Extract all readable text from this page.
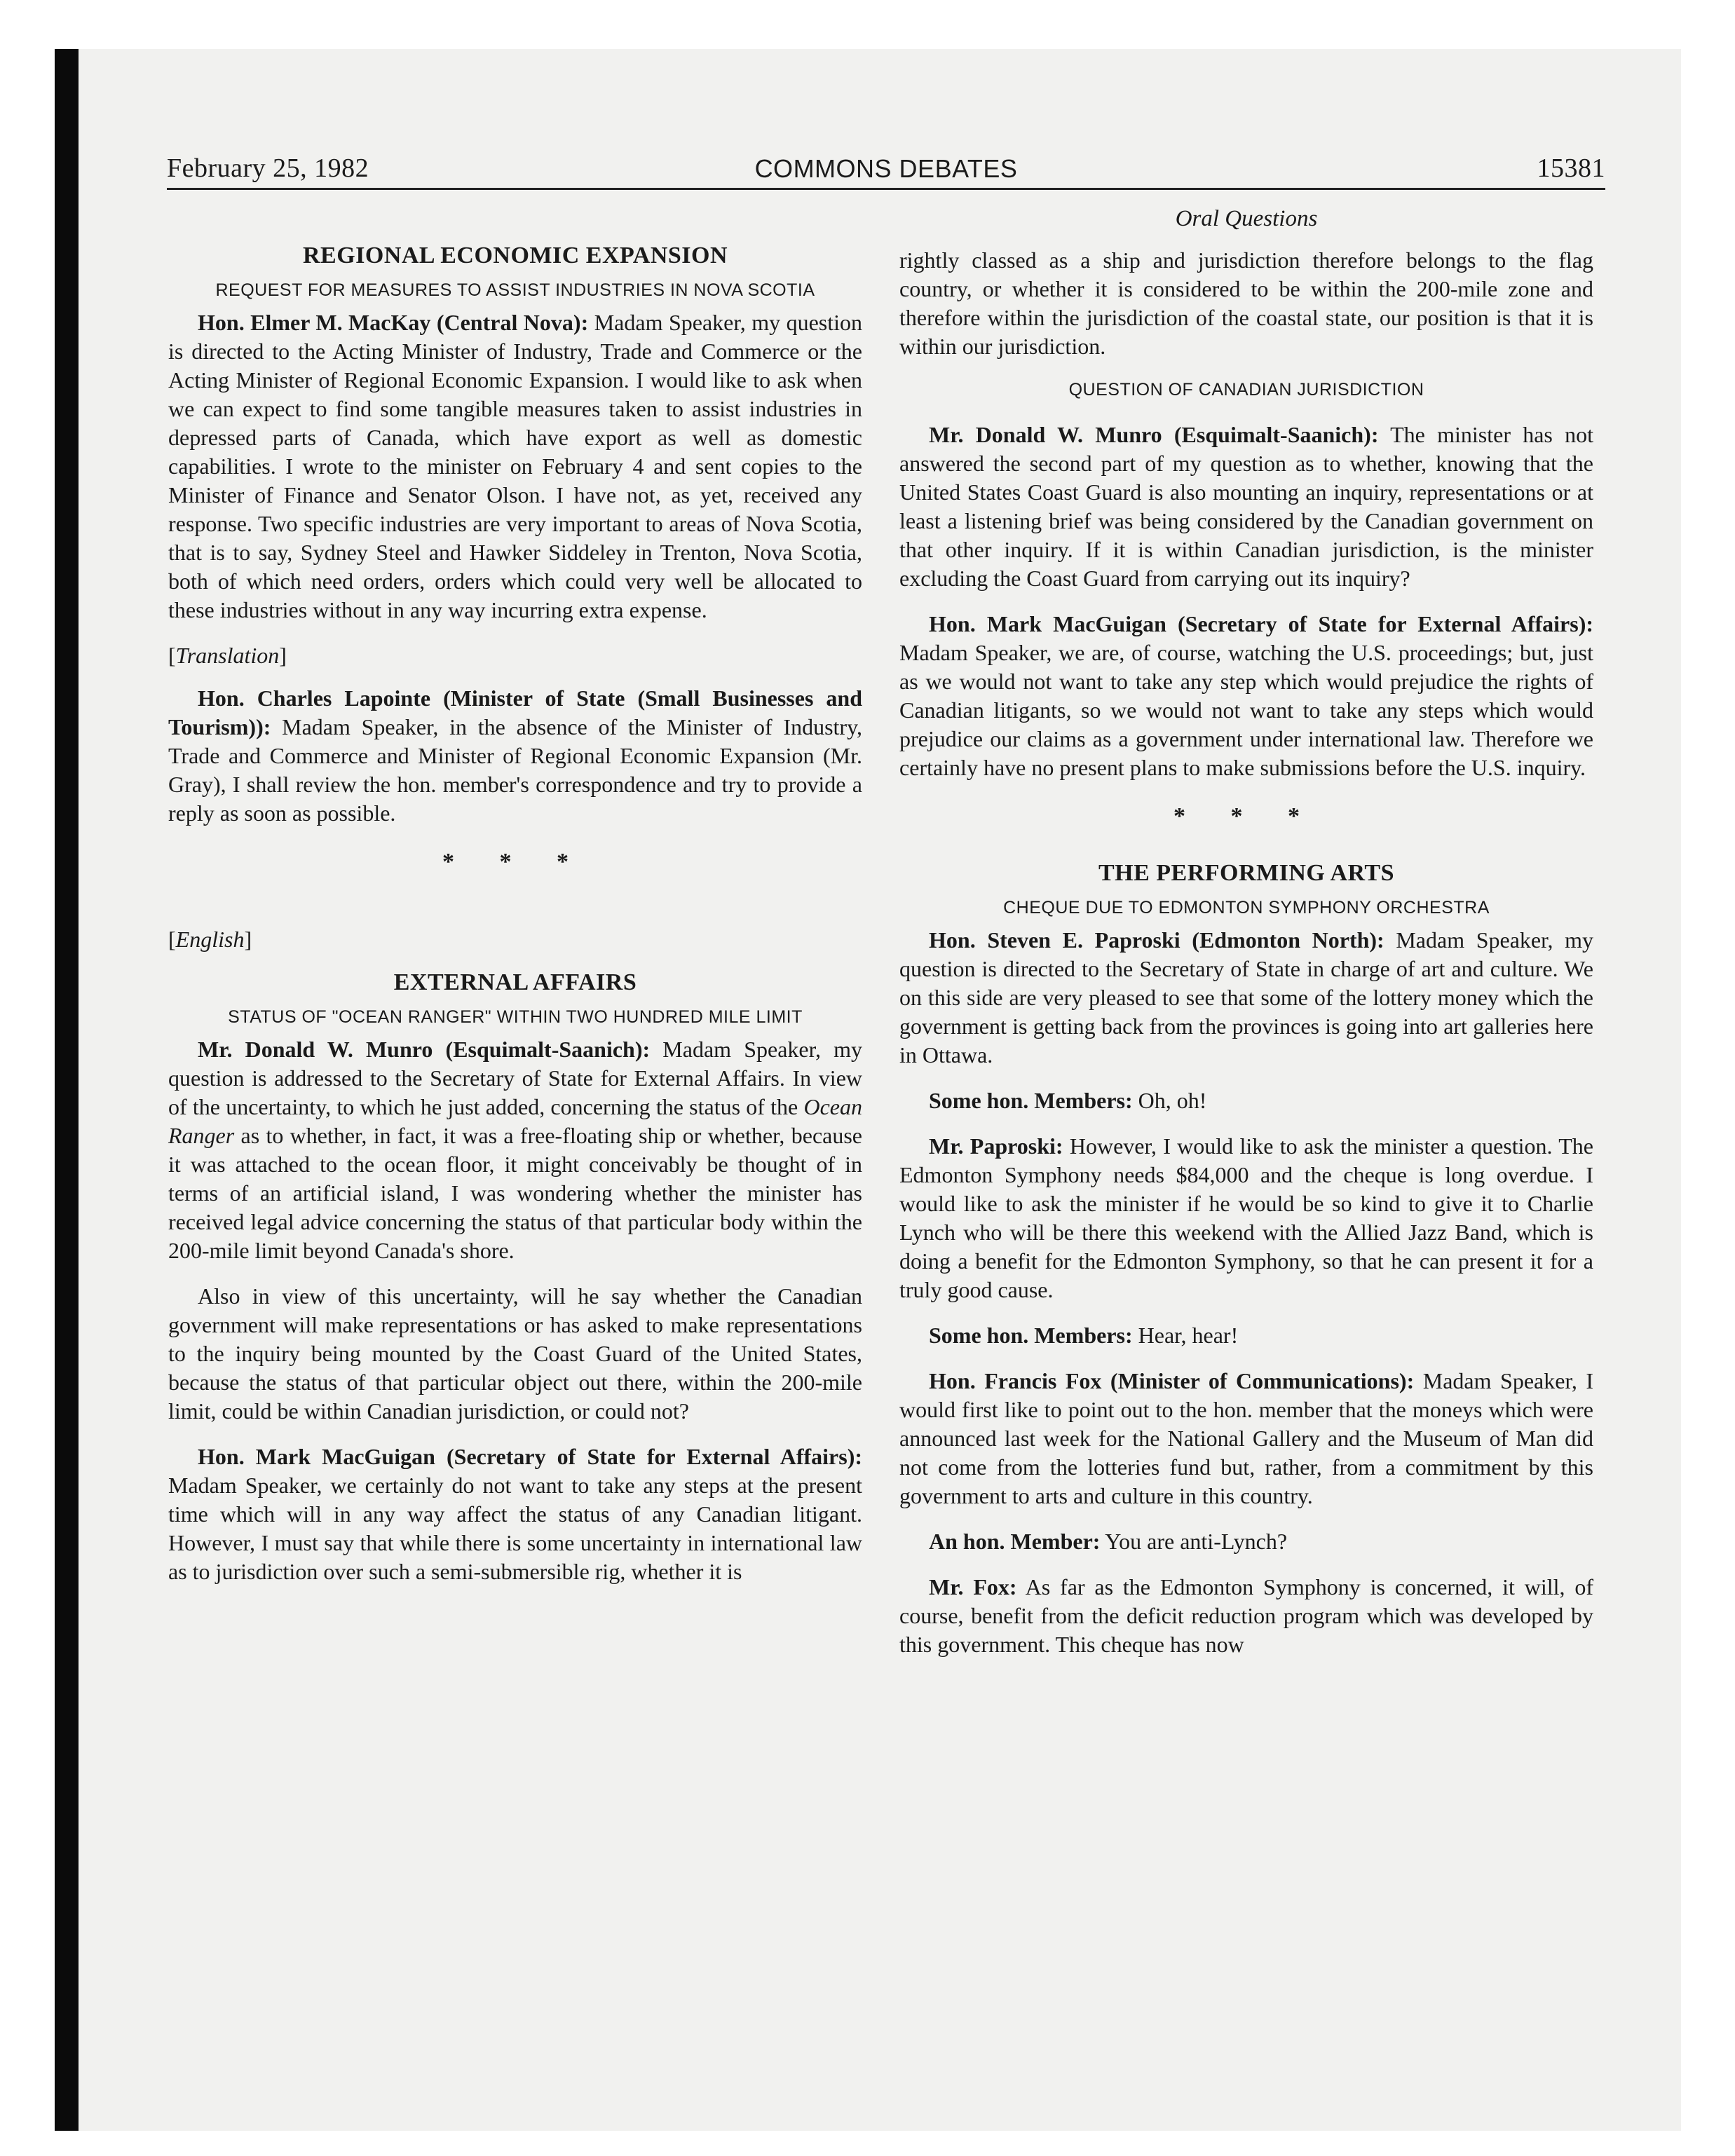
February 25, 1982	COMMONS DEBATES	15381
REGIONAL ECONOMIC EXPANSION
REQUEST FOR MEASURES TO ASSIST INDUSTRIES IN NOVA SCOTIA

Hon. Elmer M. MacKay (Central Nova): Madam Speaker, my question is directed to the Acting Minister of Industry, Trade and Commerce or the Acting Minister of Regional Economic Expansion. I would like to ask when we can expect to find some tangible measures taken to assist industries in depressed parts of Canada, which have export as well as domestic capabilities. I wrote to the minister on February 4 and sent copies to the Minister of Finance and Senator Olson. I have not, as yet, received any response. Two specific industries are very important to areas of Nova Scotia, that is to say, Sydney Steel and Hawker Siddeley in Trenton, Nova Scotia, both of which need orders, orders which could very well be allocated to these industries without in any way incurring extra expense.

[Translation]

Hon. Charles Lapointe (Minister of State (Small Businesses and Tourism)): Madam Speaker, in the absence of the Minister of Industry, Trade and Commerce and Minister of Regional Economic Expansion (Mr. Gray), I shall review the hon. member's correspondence and try to provide a reply as soon as possible.

* * *
[English]
EXTERNAL AFFAIRS
STATUS OF "OCEAN RANGER" WITHIN TWO HUNDRED MILE LIMIT

Mr. Donald W. Munro (Esquimalt-Saanich): Madam Speaker, my question is addressed to the Secretary of State for External Affairs. In view of the uncertainty, to which he just added, concerning the status of the Ocean Ranger as to whether, in fact, it was a free-floating ship or whether, because it was attached to the ocean floor, it might conceivably be thought of in terms of an artificial island, I was wondering whether the minister has received legal advice concerning the status of that particular body within the 200-mile limit beyond Canada's shore.

Also in view of this uncertainty, will he say whether the Canadian government will make representations or has asked to make representations to the inquiry being mounted by the Coast Guard of the United States, because the status of that particular object out there, within the 200-mile limit, could be within Canadian jurisdiction, or could not?

Hon. Mark MacGuigan (Secretary of State for External Affairs): Madam Speaker, we certainly do not want to take any steps at the present time which will in any way affect the status of any Canadian litigant. However, I must say that while there is some uncertainty in international law as to jurisdiction over such a semi-submersible rig, whether it is

Oral Questions

rightly classed as a ship and jurisdiction therefore belongs to the flag country, or whether it is considered to be within the 200-mile zone and therefore within the jurisdiction of the coastal state, our position is that it is within our jurisdiction.

QUESTION OF CANADIAN JURISDICTION

Mr. Donald W. Munro (Esquimalt-Saanich): The minister has not answered the second part of my question as to whether, knowing that the United States Coast Guard is also mounting an inquiry, representations or at least a listening brief was being considered by the Canadian government on that other inquiry. If it is within Canadian jurisdiction, is the minister excluding the Coast Guard from carrying out its inquiry?

Hon. Mark MacGuigan (Secretary of State for External Affairs): Madam Speaker, we are, of course, watching the U.S. proceedings; but, just as we would not want to take any step which would prejudice the rights of Canadian litigants, so we would not want to take any steps which would prejudice our claims as a government under international law. Therefore we certainly have no present plans to make submissions before the U.S. inquiry.

* * *
THE PERFORMING ARTS
CHEQUE DUE TO EDMONTON SYMPHONY ORCHESTRA

Hon. Steven E. Paproski (Edmonton North): Madam Speaker, my question is directed to the Secretary of State in charge of art and culture. We on this side are very pleased to see that some of the lottery money which the government is getting back from the provinces is going into art galleries here in Ottawa.

Some hon. Members: Oh, oh!

Mr. Paproski: However, I would like to ask the minister a question. The Edmonton Symphony needs $84,000 and the cheque is long overdue. I would like to ask the minister if he would be so kind to give it to Charlie Lynch who will be there this weekend with the Allied Jazz Band, which is doing a benefit for the Edmonton Symphony, so that he can present it for a truly good cause.

Some hon. Members: Hear, hear!

Hon. Francis Fox (Minister of Communications): Madam Speaker, I would first like to point out to the hon. member that the moneys which were announced last week for the National Gallery and the Museum of Man did not come from the lotteries fund but, rather, from a commitment by this government to arts and culture in this country.

An hon. Member: You are anti-Lynch?

Mr. Fox: As far as the Edmonton Symphony is concerned, it will, of course, benefit from the deficit reduction program which was developed by this government. This cheque has now
